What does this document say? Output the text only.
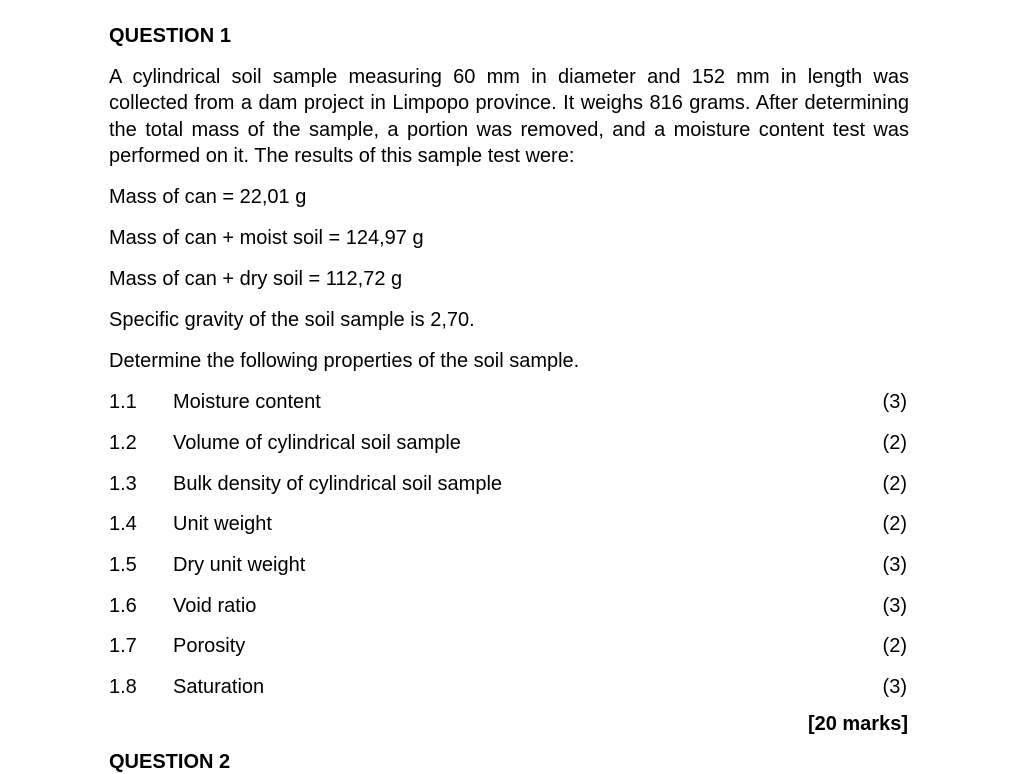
QUESTION 1

A cylindrical soil sample measuring 60 mm in diameter and 152 mm in length was collected from a dam project in Limpopo province. It weighs 816 grams. After determining the total mass of the sample, a portion was removed, and a moisture content test was performed on it. The results of this sample test were:

Mass of can = 22,01 g

Mass of can + moist soil = 124,97 g

Mass of can + dry soil = 112,72 g

Specific gravity of the soil sample is 2,70.

Determine the following properties of the soil sample.

1.1 Moisture content	(3)
1.2 Volume of cylindrical soil sample	(2)
1.3 Bulk density of cylindrical soil sample	(2)
1.4 Unit weight	(2)
1.5 Dry unit weight	(3)
1.6 Void ratio	(3)
1.7 Porosity	(2)
1.8 Saturation	(3)
[20 marks]

QUESTION 2
